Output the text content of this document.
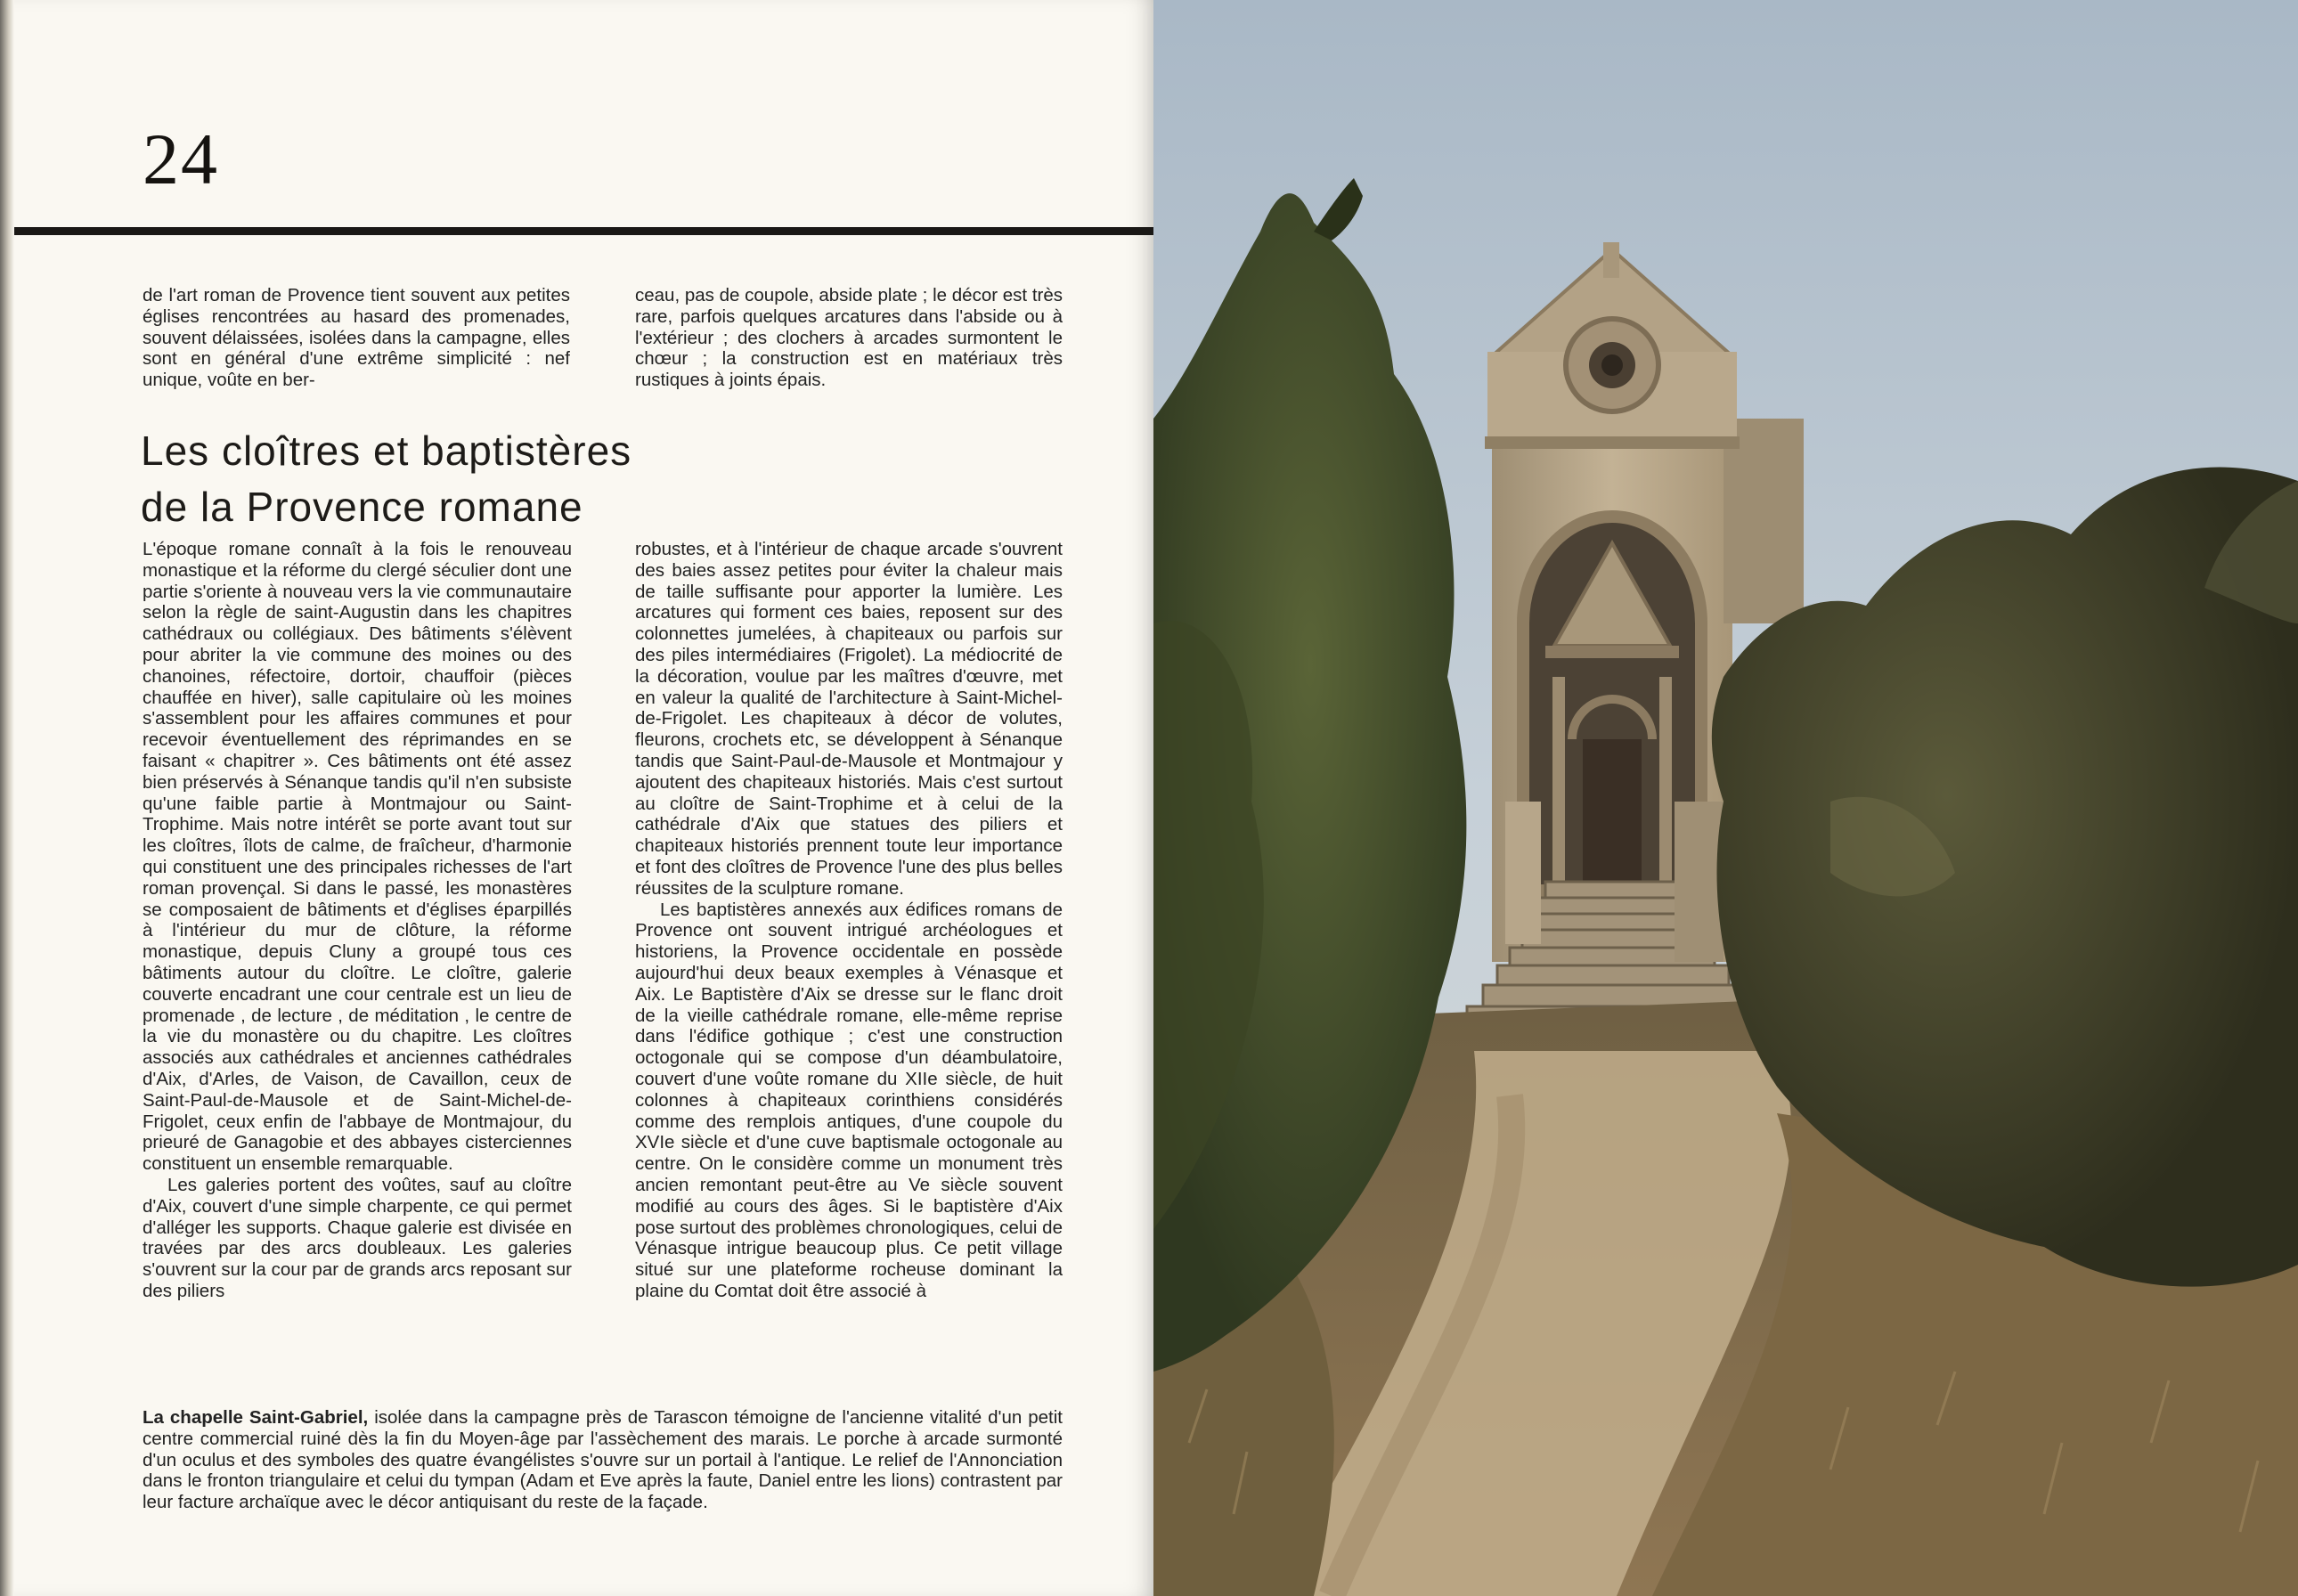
24

de l'art roman de Provence tient souvent aux petites églises rencontrées au hasard des promenades, souvent délaissées, isolées dans la campagne, elles sont en général d'une extrême simplicité : nef unique, voûte en ber-

ceau, pas de coupole, abside plate ; le décor est très rare, parfois quelques arcatures dans l'abside ou à l'extérieur ; des clochers à arcades surmontent le chœur ; la construction est en matériaux très rustiques à joints épais.

Les cloîtres et baptistères
de la Provence romane

L'époque romane connaît à la fois le renouveau monastique et la réforme du clergé séculier dont une partie s'oriente à nouveau vers la vie communautaire selon la règle de saint-Augustin dans les chapitres cathédraux ou collégiaux. Des bâtiments s'élèvent pour abriter la vie commune des moines ou des chanoines, réfectoire, dortoir, chauffoir (pièces chauffée en hiver), salle capitulaire où les moines s'assemblent pour les affaires communes et pour recevoir éventuellement des réprimandes en se faisant « chapitrer ». Ces bâtiments ont été assez bien préservés à Sénanque tandis qu'il n'en subsiste qu'une faible partie à Montmajour ou Saint-Trophime. Mais notre intérêt se porte avant tout sur les cloîtres, îlots de calme, de fraîcheur, d'harmonie qui constituent une des principales richesses de l'art roman provençal. Si dans le passé, les monastères se composaient de bâtiments et d'églises éparpillés à l'intérieur du mur de clôture, la réforme monastique, depuis Cluny a groupé tous ces bâtiments autour du cloître. Le cloître, galerie couverte encadrant une cour centrale est un lieu de promenade , de lecture , de méditation , le centre de la vie du monastère ou du chapitre. Les cloîtres associés aux cathédrales et anciennes cathédrales d'Aix, d'Arles, de Vaison, de Cavaillon, ceux de Saint-Paul-de-Mausole et de Saint-Michel-de-Frigolet, ceux enfin de l'abbaye de Montmajour, du prieuré de Ganagobie et des abbayes cisterciennes constituent un ensemble remarquable.

Les galeries portent des voûtes, sauf au cloître d'Aix, couvert d'une simple charpente, ce qui permet d'alléger les supports. Chaque galerie est divisée en travées par des arcs doubleaux. Les galeries s'ouvrent sur la cour par de grands arcs reposant sur des piliers

robustes, et à l'intérieur de chaque arcade s'ouvrent des baies assez petites pour éviter la chaleur mais de taille suffisante pour apporter la lumière. Les arcatures qui forment ces baies, reposent sur des colonnettes jumelées, à chapiteaux ou parfois sur des piles intermédiaires (Frigolet). La médiocrité de la décoration, voulue par les maîtres d'œuvre, met en valeur la qualité de l'architecture à Saint-Michel-de-Frigolet. Les chapiteaux à décor de volutes, fleurons, crochets etc, se développent à Sénanque tandis que Saint-Paul-de-Mausole et Montmajour y ajoutent des chapiteaux historiés. Mais c'est surtout au cloître de Saint-Trophime et à celui de la cathédrale d'Aix que statues des piliers et chapiteaux historiés prennent toute leur importance et font des cloîtres de Provence l'une des plus belles réussites de la sculpture romane.

Les baptistères annexés aux édifices romans de Provence ont souvent intrigué archéologues et historiens, la Provence occidentale en possède aujourd'hui deux beaux exemples à Vénasque et Aix. Le Baptistère d'Aix se dresse sur le flanc droit de la vieille cathédrale romane, elle-même reprise dans l'édifice gothique ; c'est une construction octogonale qui se compose d'un déambulatoire, couvert d'une voûte romane du XIIe siècle, de huit colonnes à chapiteaux corinthiens considérés comme des remplois antiques, d'une coupole du XVIe siècle et d'une cuve baptismale octogonale au centre. On le considère comme un monument très ancien remontant peut-être au Ve siècle souvent modifié au cours des âges. Si le baptistère d'Aix pose surtout des problèmes chronologiques, celui de Vénasque intrigue beaucoup plus. Ce petit village situé sur une plateforme rocheuse dominant la plaine du Comtat doit être associé à

La chapelle Saint-Gabriel, isolée dans la campagne près de Tarascon témoigne de l'ancienne vitalité d'un petit centre commercial ruiné dès la fin du Moyen-âge par l'assèchement des marais. Le porche à arcade surmonté d'un oculus et des symboles des quatre évangélistes s'ouvre sur un portail à l'antique. Le relief de l'Annonciation dans le fronton triangulaire et celui du tympan (Adam et Eve après la faute, Daniel entre les lions) contrastent par leur facture archaïque avec le décor antiquisant du reste de la façade.
